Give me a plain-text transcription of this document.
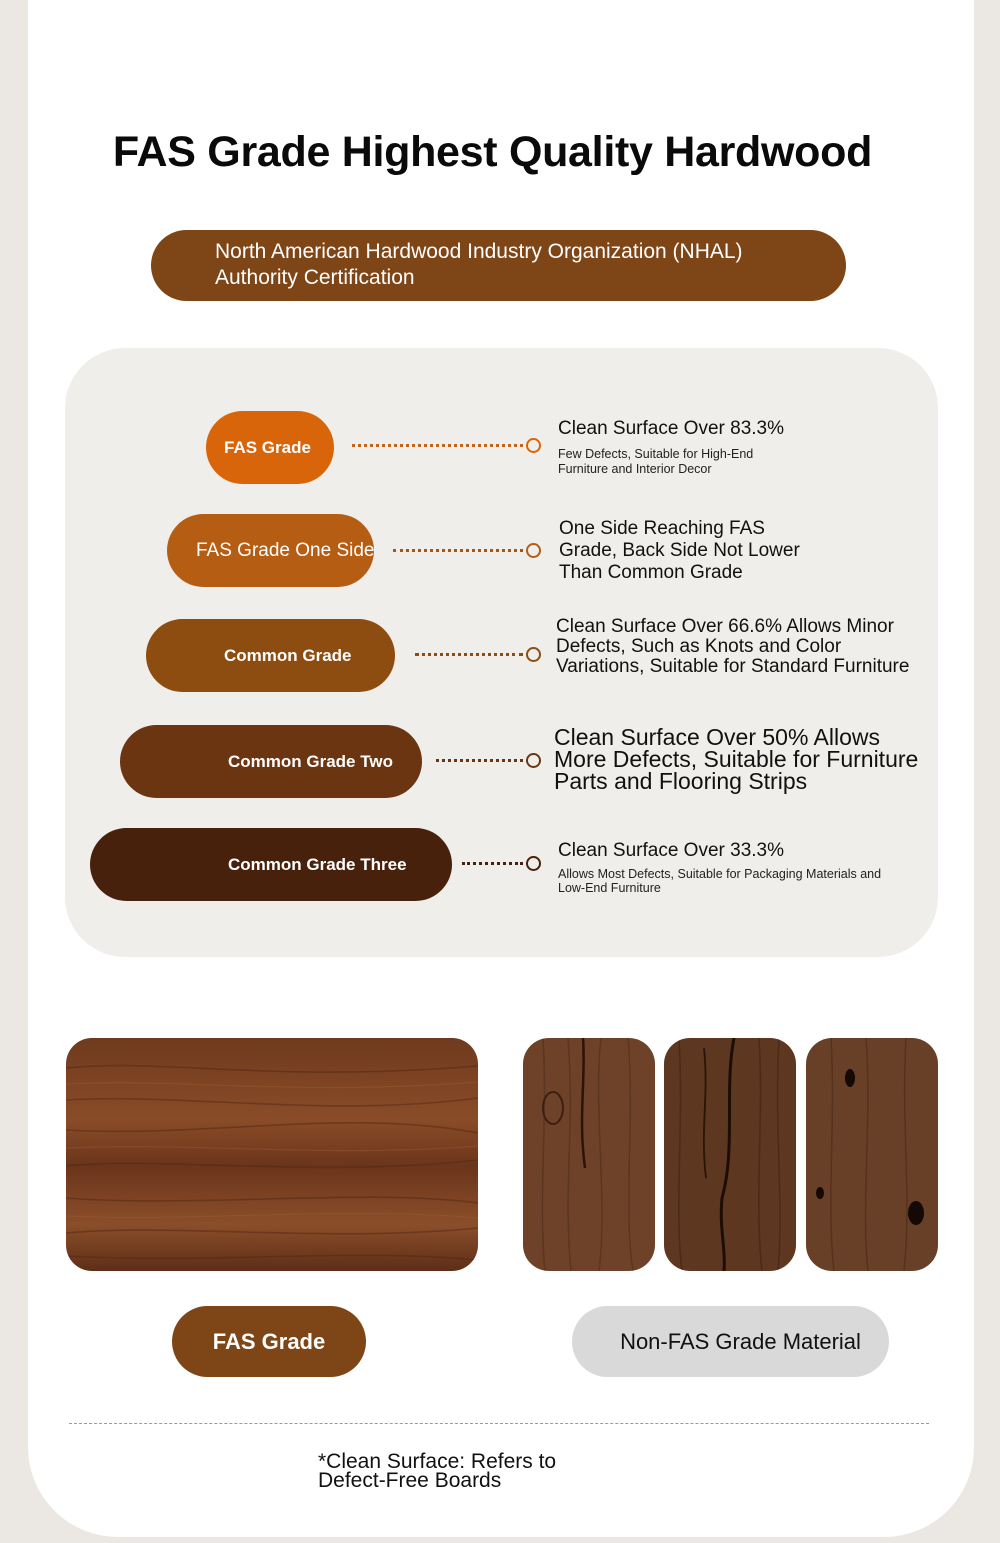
FAS Grade Highest Quality Hardwood
North American Hardwood Industry Organization (NHAL)
Authority Certification
FAS Grade
Clean Surface Over 83.3%
Few Defects, Suitable for High-End Furniture and Interior Decor
FAS Grade One Side
One Side Reaching FAS Grade, Back Side Not Lower Than Common Grade
Common Grade
Clean Surface Over 66.6% Allows Minor Defects, Such as Knots and Color Variations, Suitable for Standard Furniture
Common Grade Two
Clean Surface Over 50% Allows More Defects, Suitable for Furniture Parts and Flooring Strips
Common Grade Three
Clean Surface Over 33.3%
Allows Most Defects, Suitable for Packaging Materials and Low-End Furniture
FAS Grade	Non-FAS Grade Material
*Clean Surface: Refers to Defect-Free Boards
